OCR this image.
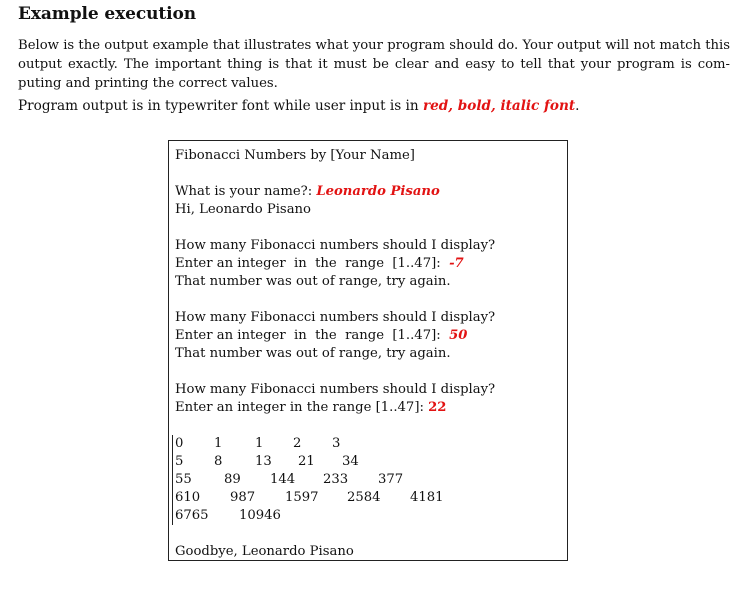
Example execution
Below is the output example that illustrates what your program should do. Your output will not match this output exactly. The important thing is that it must be clear and easy to tell that your program is com-puting and printing the correct values.
Program output is in typewriter font while user input is in red, bold, italic font.
Fibonacci Numbers by [Your Name]
What is your name?: Leonardo Pisano
Hi, Leonardo Pisano
How many Fibonacci numbers should I display?
Enter an integer  in  the  range  [1..47]:  -7
That number was out of range, try again.
How many Fibonacci numbers should I display?
Enter an integer  in  the  range  [1..47]:  50
That number was out of range, try again.
How many Fibonacci numbers should I display?
Enter an integer in the range [1..47]: 22
0 1 1 2 3
5 8 13 21 34
55 89 144 233 377
610 987 1597 2584 4181
6765 10946
Goodbye, Leonardo Pisano
